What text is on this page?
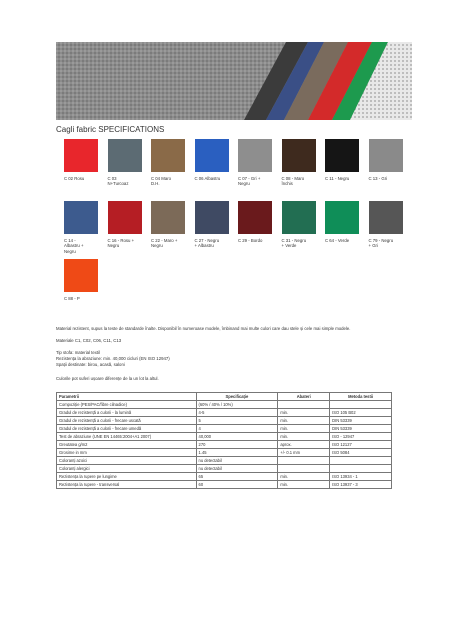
Cagli fabric SPECIFICATIONS
C 02 Rosu	C 03
N+Turcoaz
C 04 Maro
D.H.
C 06 Albastru	C 07 - Gri +
Negru
C 08 - Maro
Închis
C 11 - Negru	C 13 - Gri
C 14 -
Albastru +
Negru
C 16 - Rosu +
Negru
C 22 - Maro +
Negru
C 27 - Negru
+ Albastru
C 29 - Bordo	C 31 - Negru
+ Verde
C 64 - Verde	C 79 - Negru
+ Gri
C 88 - P
Material rezistent, supus la teste de standarde înalte. Disponibil în numeroase modele, îmbinand mai multe culori care dau stele și cele mai simple modele.
Materiale C1, C02, C06, C11, C13
Tip stofa: material textil
Rezistența la abraziune: min. 40,000 cicluri (EN ISO 12947)
Spații destinate: birou, acasă, saloni
Culorile pot suferi ușoare diferențe de la un lot la altul.
Parametrii	Specificație	Abateri	Metoda testii
Compoziție (PES/PAC/fibre cilnadice)	(60% / 40% / 10%)		
Gradul de rezistență a culorii - la lumină	4-5	min.	ISO 105 B02
Gradul de rezistență a culorii - frecare uscată	5	min.	DIN 53339
Gradul de rezistență a culorii - frecare umedă	4	min.	DIN 53339
Test de abraziune (UNE EN 14465:2004+A1 2007)	40,000	min.	ISO - 12947
Greutatea g/m2	270	aprox.	ISO 12127
Grosime in mm	1.45	+/- 0.1 mm	ISO 5084
Coloranți azoici	nu detectabil		
Coloranți alergici	nu detectabil		
Rezistența la rupere pe lungime	65	min.	ISO 13934 - 1
Rezistența la rupere - transversal	60	min.	ISO 13937 - 3
